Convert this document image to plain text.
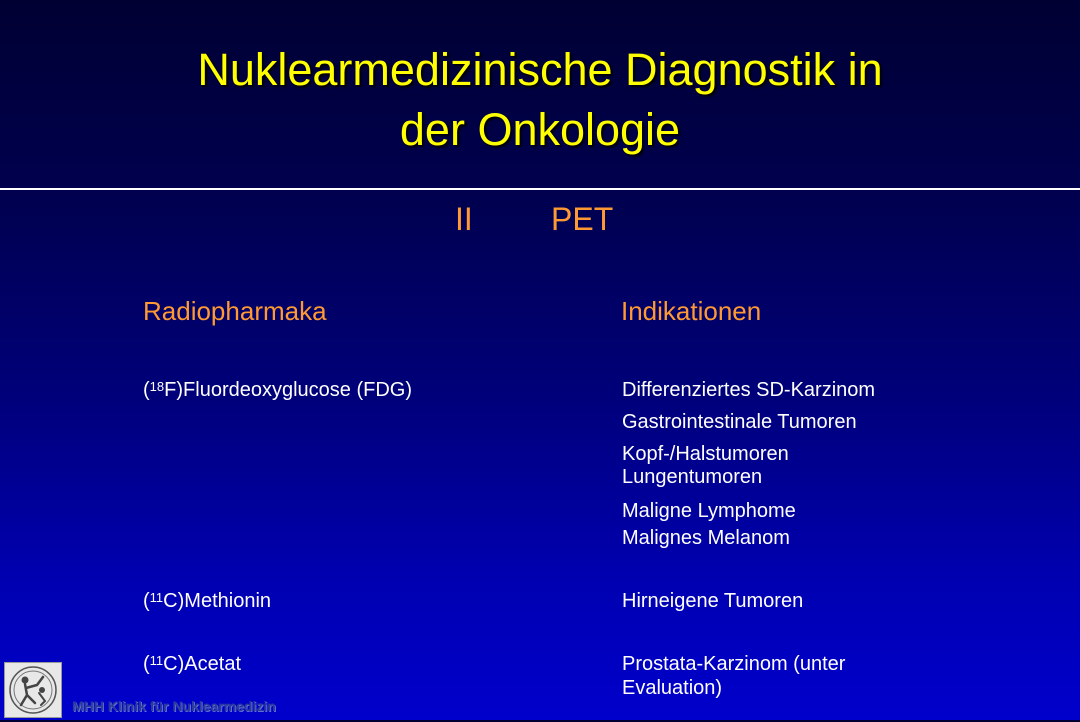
Nuklearmedizinische Diagnostik in
der Onkologie
II PET
Radiopharmaka	Indikationen
($^{18}$F)Fluordeoxyglucose (FDG)	Differenziertes SD-Karzinom
Gastrointestinale Tumoren
Kopf-/Halstumoren
Lungentumoren
Maligne Lymphome
Malignes Melanom
($^{11}$C)Methionin	Hirneigene Tumoren
($^{11}$C)Acetat	Prostata-Karzinom (unter
Evaluation)
MHH Klinik für Nuklearmedizin
